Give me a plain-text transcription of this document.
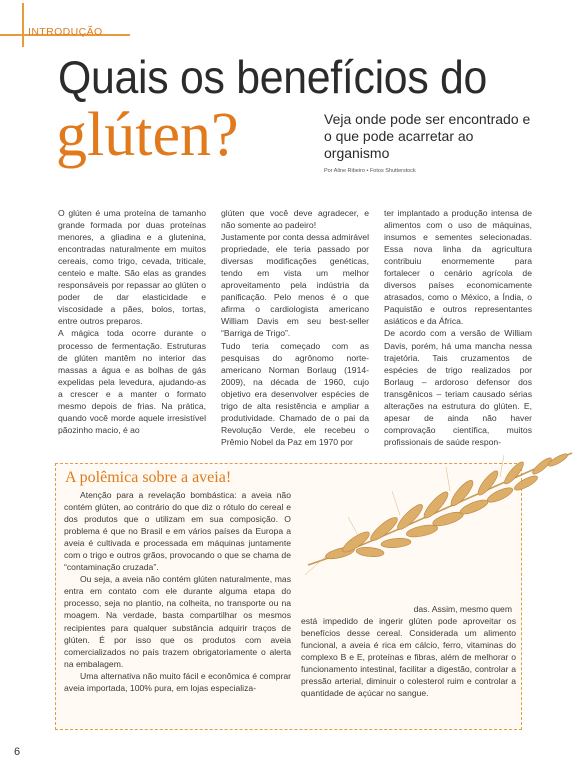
INTRODUÇÃO
Quais os benefícios do
glúten?	Veja onde pode ser encontrado e o que pode acarretar ao organismo
Por Aline Ribeiro • Fotos Shutterstock

O glúten é uma proteína de tamanho grande formada por duas proteínas menores, a gliadina e a glutenina, encontradas naturalmente em muitos cereais, como trigo, cevada, triticale, centeio e malte. São elas as grandes responsáveis por repassar ao glúten o poder de dar elasticidade e viscosidade a pães, bolos, tortas, entre outros preparos.

A mágica toda ocorre durante o processo de fermentação. Estruturas de glúten mantêm no interior das massas a água e as bolhas de gás expelidas pela levedura, ajudando-as a crescer e a manter o formato mesmo depois de frias. Na prática, quando você morde aquele irresistível pãozinho macio, é ao

glúten que você deve agradecer, e não somente ao padeiro!

Justamente por conta dessa admirável propriedade, ele teria passado por diversas modificações genéticas, tendo em vista um melhor aproveitamento pela indústria da panificação. Pelo menos é o que afirma o cardiologista americano William Davis em seu best-seller “Barriga de Trigo”.

Tudo teria começado com as pesquisas do agrônomo norte-americano Norman Borlaug (1914-2009), na década de 1960, cujo objetivo era desenvolver espécies de trigo de alta resistência e ampliar a produtividade. Chamado de o pai da Revolução Verde, ele recebeu o Prêmio Nobel da Paz em 1970 por

ter implantado a produção intensa de alimentos com o uso de máquinas, insumos e sementes selecionadas. Essa nova linha da agricultura contribuiu enormemente para fortalecer o cenário agrícola de diversos países economicamente atrasados, como o México, a Índia, o Paquistão e outros representantes asiáticos e da África.

De acordo com a versão de William Davis, porém, há uma mancha nessa trajetória. Tais cruzamentos de espécies de trigo realizados por Borlaug – ardoroso defensor dos transgênicos – teriam causado sérias alterações na estrutura do glúten. E, apesar de ainda não haver comprovação científica, muitos profissionais de saúde respon-

A polêmica sobre a aveia!

Atenção para a revelação bombástica: a aveia não contém glúten, ao contrário do que diz o rótulo do cereal e dos produtos que o utilizam em sua composição. O problema é que no Brasil e em vários países da Europa a aveia é cultivada e processada em máquinas juntamente com o trigo e outros grãos, provocando o que se chama de “contaminação cruzada”.

Ou seja, a aveia não contém glúten naturalmente, mas entra em contato com ele durante alguma etapa do processo, seja no plantio, na colheita, no transporte ou na moagem. Na verdade, basta compartilhar os mesmos recipientes para qualquer substância adquirir traços de glúten. É por isso que os produtos com aveia comercializados no país trazem obrigatoriamente o alerta na embalagem.

Uma alternativa não muito fácil e econômica é comprar aveia importada, 100% pura, em lojas especializa-

das. Assim, mesmo quem
está impedido de ingerir glúten pode aproveitar os benefícios desse cereal. Considerada um alimento funcional, a aveia é rica em cálcio, ferro, vitaminas do complexo B e E, proteínas e fibras, além de melhorar o funcionamento intestinal, facilitar a digestão, controlar a pressão arterial, diminuir o colesterol ruim e controlar a quantidade de açúcar no sangue.
6
